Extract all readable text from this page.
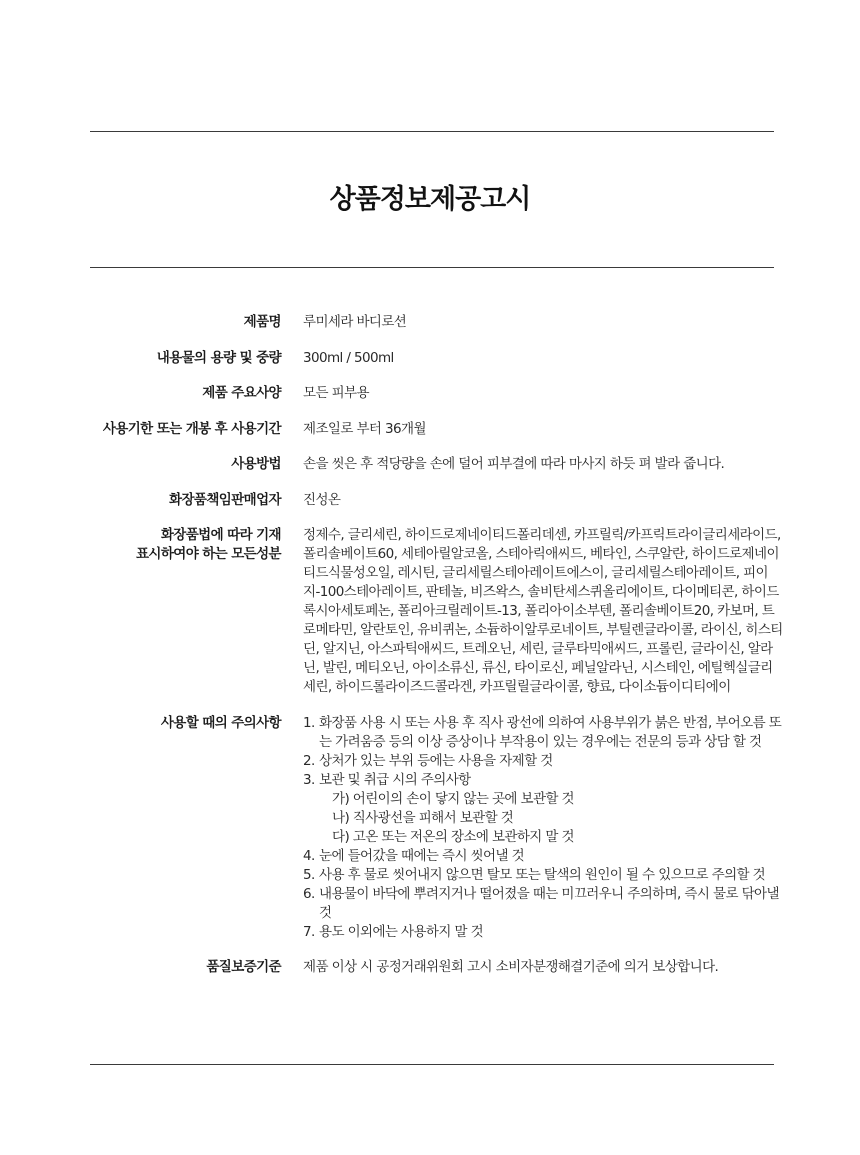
상품정보제공고시
제품명 루미세라 바디로션
내용물의 용량 및 중량 300ml / 500ml
제품 주요사양 모든 피부용
사용기한 또는 개봉 후 사용기간 제조일로 부터 36개월
사용방법 손을 씻은 후 적당량을 손에 덜어 피부결에 따라 마사지 하듯 펴 발라 줍니다.
화장품책임판매업자 진성온
화장품법에 따라 기재
표시하여야 하는 모든성분
정제수, 글리세린, 하이드로제네이티드폴리데센, 카프릴릭/카프릭트라이글리세라이드, 폴리솔베이트60, 세테아릴알코올, 스테아릭애씨드, 베타인, 스쿠알란, 하이드로제네이티드식물성오일, 레시틴, 글리세릴스테아레이트에스이, 글리세릴스테아레이트, 피이지-100스테아레이트, 판테놀, 비즈왁스, 솔비탄세스퀴올리에이트, 다이메티콘, 하이드록시아세토페논, 폴리아크릴레이트-13, 폴리아이소부텐, 폴리솔베이트20, 카보머, 트로메타민, 알란토인, 유비퀴논, 소듐하이알루로네이트, 부틸렌글라이콜, 라이신, 히스티딘, 알지닌, 아스파틱애씨드, 트레오닌, 세린, 글루타믹애씨드, 프롤린, 글라이신, 알라닌, 발린, 메티오닌, 아이소류신, 류신, 타이로신, 페닐알라닌, 시스테인, 에틸헥실글리세린, 하이드롤라이즈드콜라겐, 카프릴릴글라이콜, 향료, 다이소듐이디티에이
사용할 때의 주의사항 1. 화장품 사용 시 또는 사용 후 직사 광선에 의하여 사용부위가 붉은 반점, 부어오름 또는 가려움증 등의 이상 증상이나 부작용이 있는 경우에는 전문의 등과 상담 할 것
2. 상처가 있는 부위 등에는 사용을 자제할 것
3. 보관 및 취급 시의 주의사항
가) 어린이의 손이 닿지 않는 곳에 보관할 것
나) 직사광선을 피해서 보관할 것
다) 고온 또는 저온의 장소에 보관하지 말 것
4. 눈에 들어갔을 때에는 즉시 씻어낼 것
5. 사용 후 물로 씻어내지 않으면 탈모 또는 탈색의 원인이 될 수 있으므로 주의할 것
6. 내용물이 바닥에 뿌려지거나 떨어졌을 때는 미끄러우니 주의하며, 즉시 물로 닦아낼 것
7. 용도 이외에는 사용하지 말 것
품질보증기준 제품 이상 시 공정거래위원회 고시 소비자분쟁해결기준에 의거 보상합니다.
